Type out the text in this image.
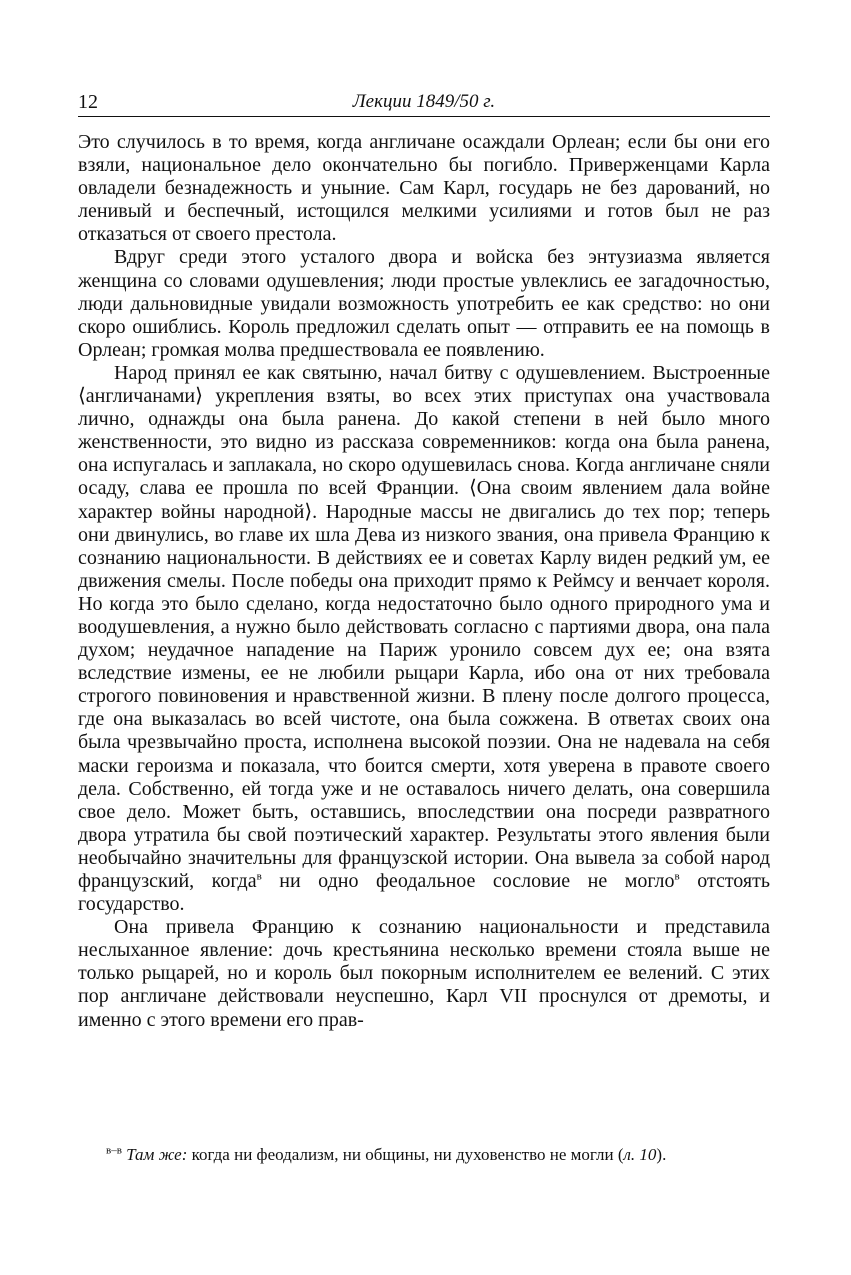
12	Лекции 1849/50 г.

Это случилось в то время, когда англичане осаждали Орлеан; если бы они его взяли, национальное дело окончательно бы погибло. Приверженцами Карла овладели безнадежность и уныние. Сам Карл, государь не без дарований, но ленивый и беспечный, истощился мелкими усилиями и готов был не раз отказаться от своего престола.

Вдруг среди этого усталого двора и войска без энтузиазма является женщина со словами одушевления; люди простые увлеклись ее загадочностью, люди дальновидные увидали возможность употребить ее как средство: но они скоро ошиблись. Король предложил сделать опыт — отправить ее на помощь в Орлеан; громкая молва предшествовала ее появлению.

Народ принял ее как святыню, начал битву с одушевлением. Выстроенные ⟨англичанами⟩ укрепления взяты, во всех этих приступах она участвовала лично, однажды она была ранена. До какой степени в ней было много женственности, это видно из рассказа современников: когда она была ранена, она испугалась и заплакала, но скоро одушевилась снова. Когда англичане сняли осаду, слава ее прошла по всей Франции. ⟨Она своим явлением дала войне характер войны народной⟩. Народные массы не двигались до тех пор; теперь они двинулись, во главе их шла Дева из низкого звания, она привела Францию к сознанию национальности. В действиях ее и советах Карлу виден редкий ум, ее движения смелы. После победы она приходит прямо к Реймсу и венчает короля. Но когда это было сделано, когда недостаточно было одного природного ума и воодушевления, а нужно было действовать согласно с партиями двора, она пала духом; неудачное нападение на Париж уронило совсем дух ее; она взята вследствие измены, ее не любили рыцари Карла, ибо она от них требовала строгого повиновения и нравственной жизни. В плену после долгого процесса, где она выказалась во всей чистоте, она была сожжена. В ответах своих она была чрезвычайно проста, исполнена высокой поэзии. Она не надевала на себя маски героизма и показала, что боится смерти, хотя уверена в правоте своего дела. Собственно, ей тогда уже и не оставалось ничего делать, она совершила свое дело. Может быть, оставшись, впоследствии она посреди развратного двора утратила бы свой поэтический характер. Результаты этого явления были необычайно значительны для французской истории. Она вывела за собой народ французский, когда$^в$ ни одно феодальное сословие не могло$^в$ отстоять государство.

Она привела Францию к сознанию национальности и представила неслыханное явление: дочь крестьянина несколько времени стояла выше не только рыцарей, но и король был покорным исполнителем ее велений. С этих пор англичане действовали неуспешно, Карл VII проснулся от дремоты, и именно с этого времени его прав-

$^{в-в}$ Там же: когда ни феодализм, ни общины, ни духовенство не могли (л. 10).
